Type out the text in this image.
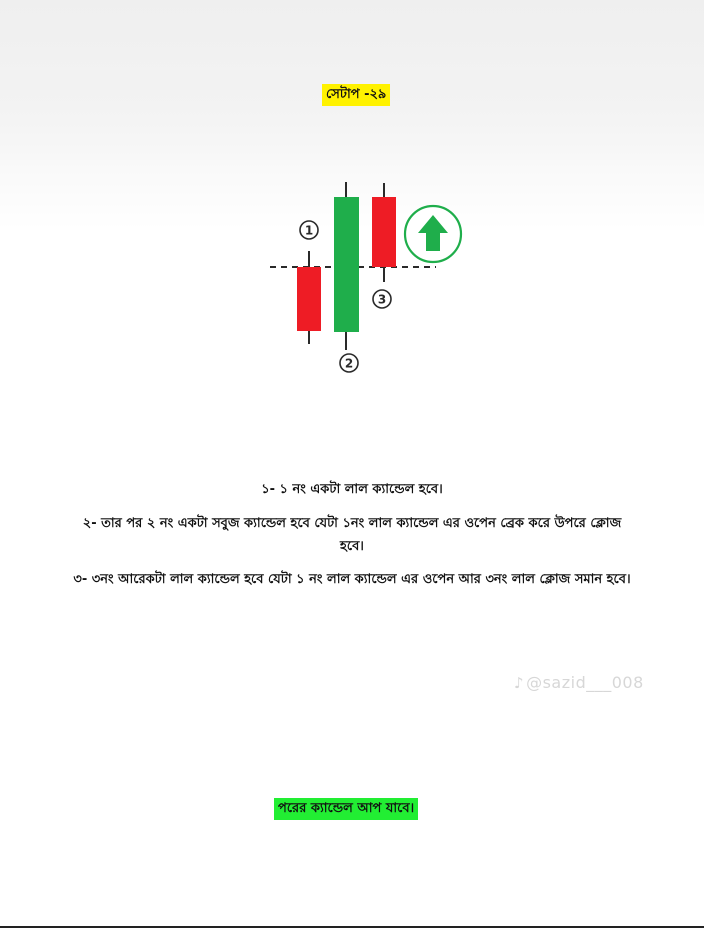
সেটাপ -২৯
1
2
3
১- ১ নং একটা লাল ক্যান্ডেল হবে।
২- তার পর ২ নং একটা সবুজ ক্যান্ডেল হবে যেটা ১নং লাল ক্যান্ডেল এর ওপেন ব্রেক করে উপরে ক্লোজ হবে।
৩- ৩নং আরেকটা লাল ক্যান্ডেল হবে যেটা ১ নং লাল ক্যান্ডেল এর ওপেন আর ৩নং লাল ক্লোজ সমান হবে।
♪ @sazid___008
পরের ক্যান্ডেল আপ যাবে।
